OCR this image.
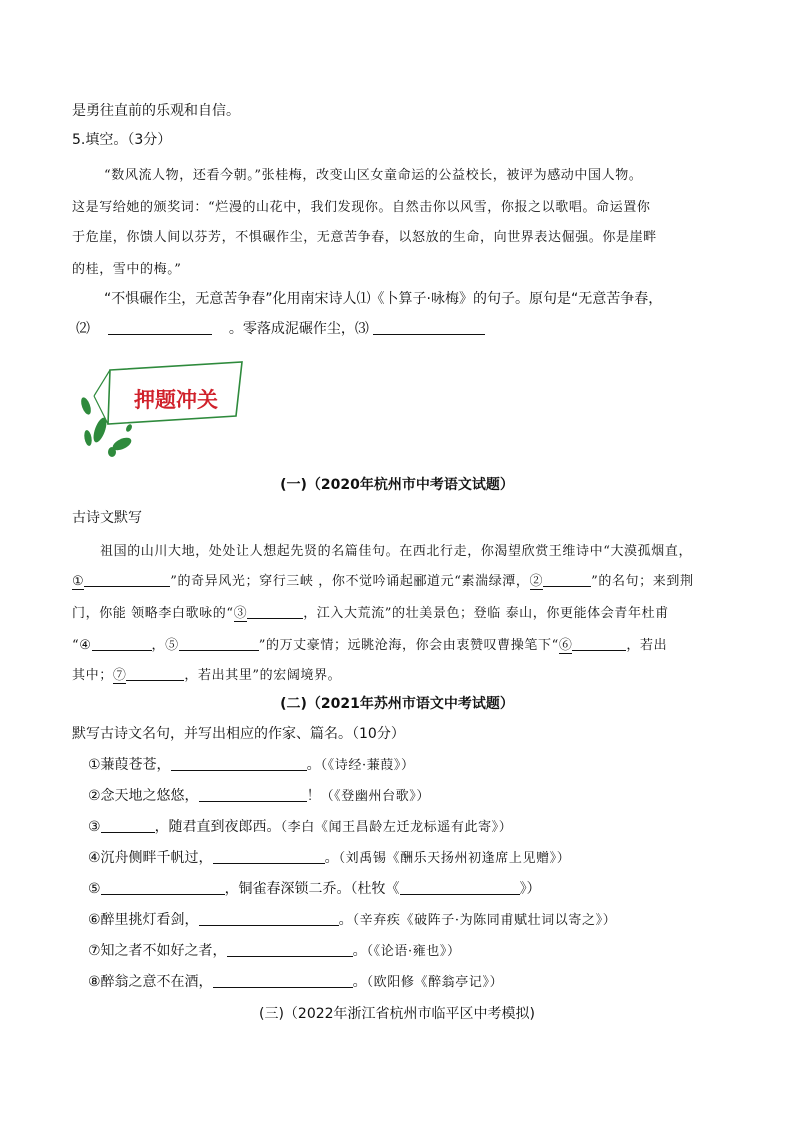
是勇往直前的乐观和自信。
5.填空。（3分）
“数风流人物，还看今朝。”张桂梅，改变山区女童命运的公益校长，被评为感动中国人物。
这是写给她的颁奖词：“烂漫的山花中，我们发现你。自然击你以风雪，你报之以歌唱。命运置你
于危崖，你馈人间以芬芳，不惧碾作尘，无意苦争春，以怒放的生命，向世界表达倔强。你是崖畔
的桂，雪中的梅。”
“不惧碾作尘，无意苦争春”化用南宋诗人⑴《卜算子·咏梅》的句子。原句是“无意苦争春，
⑵	。零落成泥碾作尘，⑶
押题冲关
(一)（2020年杭州市中考语文试题）
古诗文默写
祖国的山川大地，处处让人想起先贤的名篇佳句。在西北行走，你渴望欣赏王维诗中“大漠孤烟直，
①	”的奇异风光；穿行三峡 ，你不觉吟诵起郦道元“素湍绿潭，②	”的名句；来到荆
门，你能 领略李白歌咏的“③	，江入大荒流”的壮美景色；登临 泰山，你更能体会青年杜甫
“④	，⑤	”的万丈豪情；远眺沧海，你会由衷赞叹曹操笔下“⑥	，若出
其中；⑦	，若出其里”的宏阔境界。
(二)（2021年苏州市语文中考试题）
默写古诗文名句，并写出相应的作家、篇名。（10分）
①蒹葭苍苍，	。（《诗经·蒹葭》）
②念天地之悠悠，	！（《登幽州台歌》）
③	，随君直到夜郎西。（李白《闻王昌龄左迁龙标遥有此寄》）
④沉舟侧畔千帆过，	。（刘禹锡《酬乐天扬州初逢席上见赠》）
⑤	，铜雀春深锁二乔。（杜牧《	》）
⑥醉里挑灯看剑，	。（辛弃疾《破阵子·为陈同甫赋壮词以寄之》）
⑦知之者不如好之者，	。（《论语·雍也》）
⑧醉翁之意不在酒，	。（欧阳修《醉翁亭记》）
(三)（2022年浙江省杭州市临平区中考模拟)
